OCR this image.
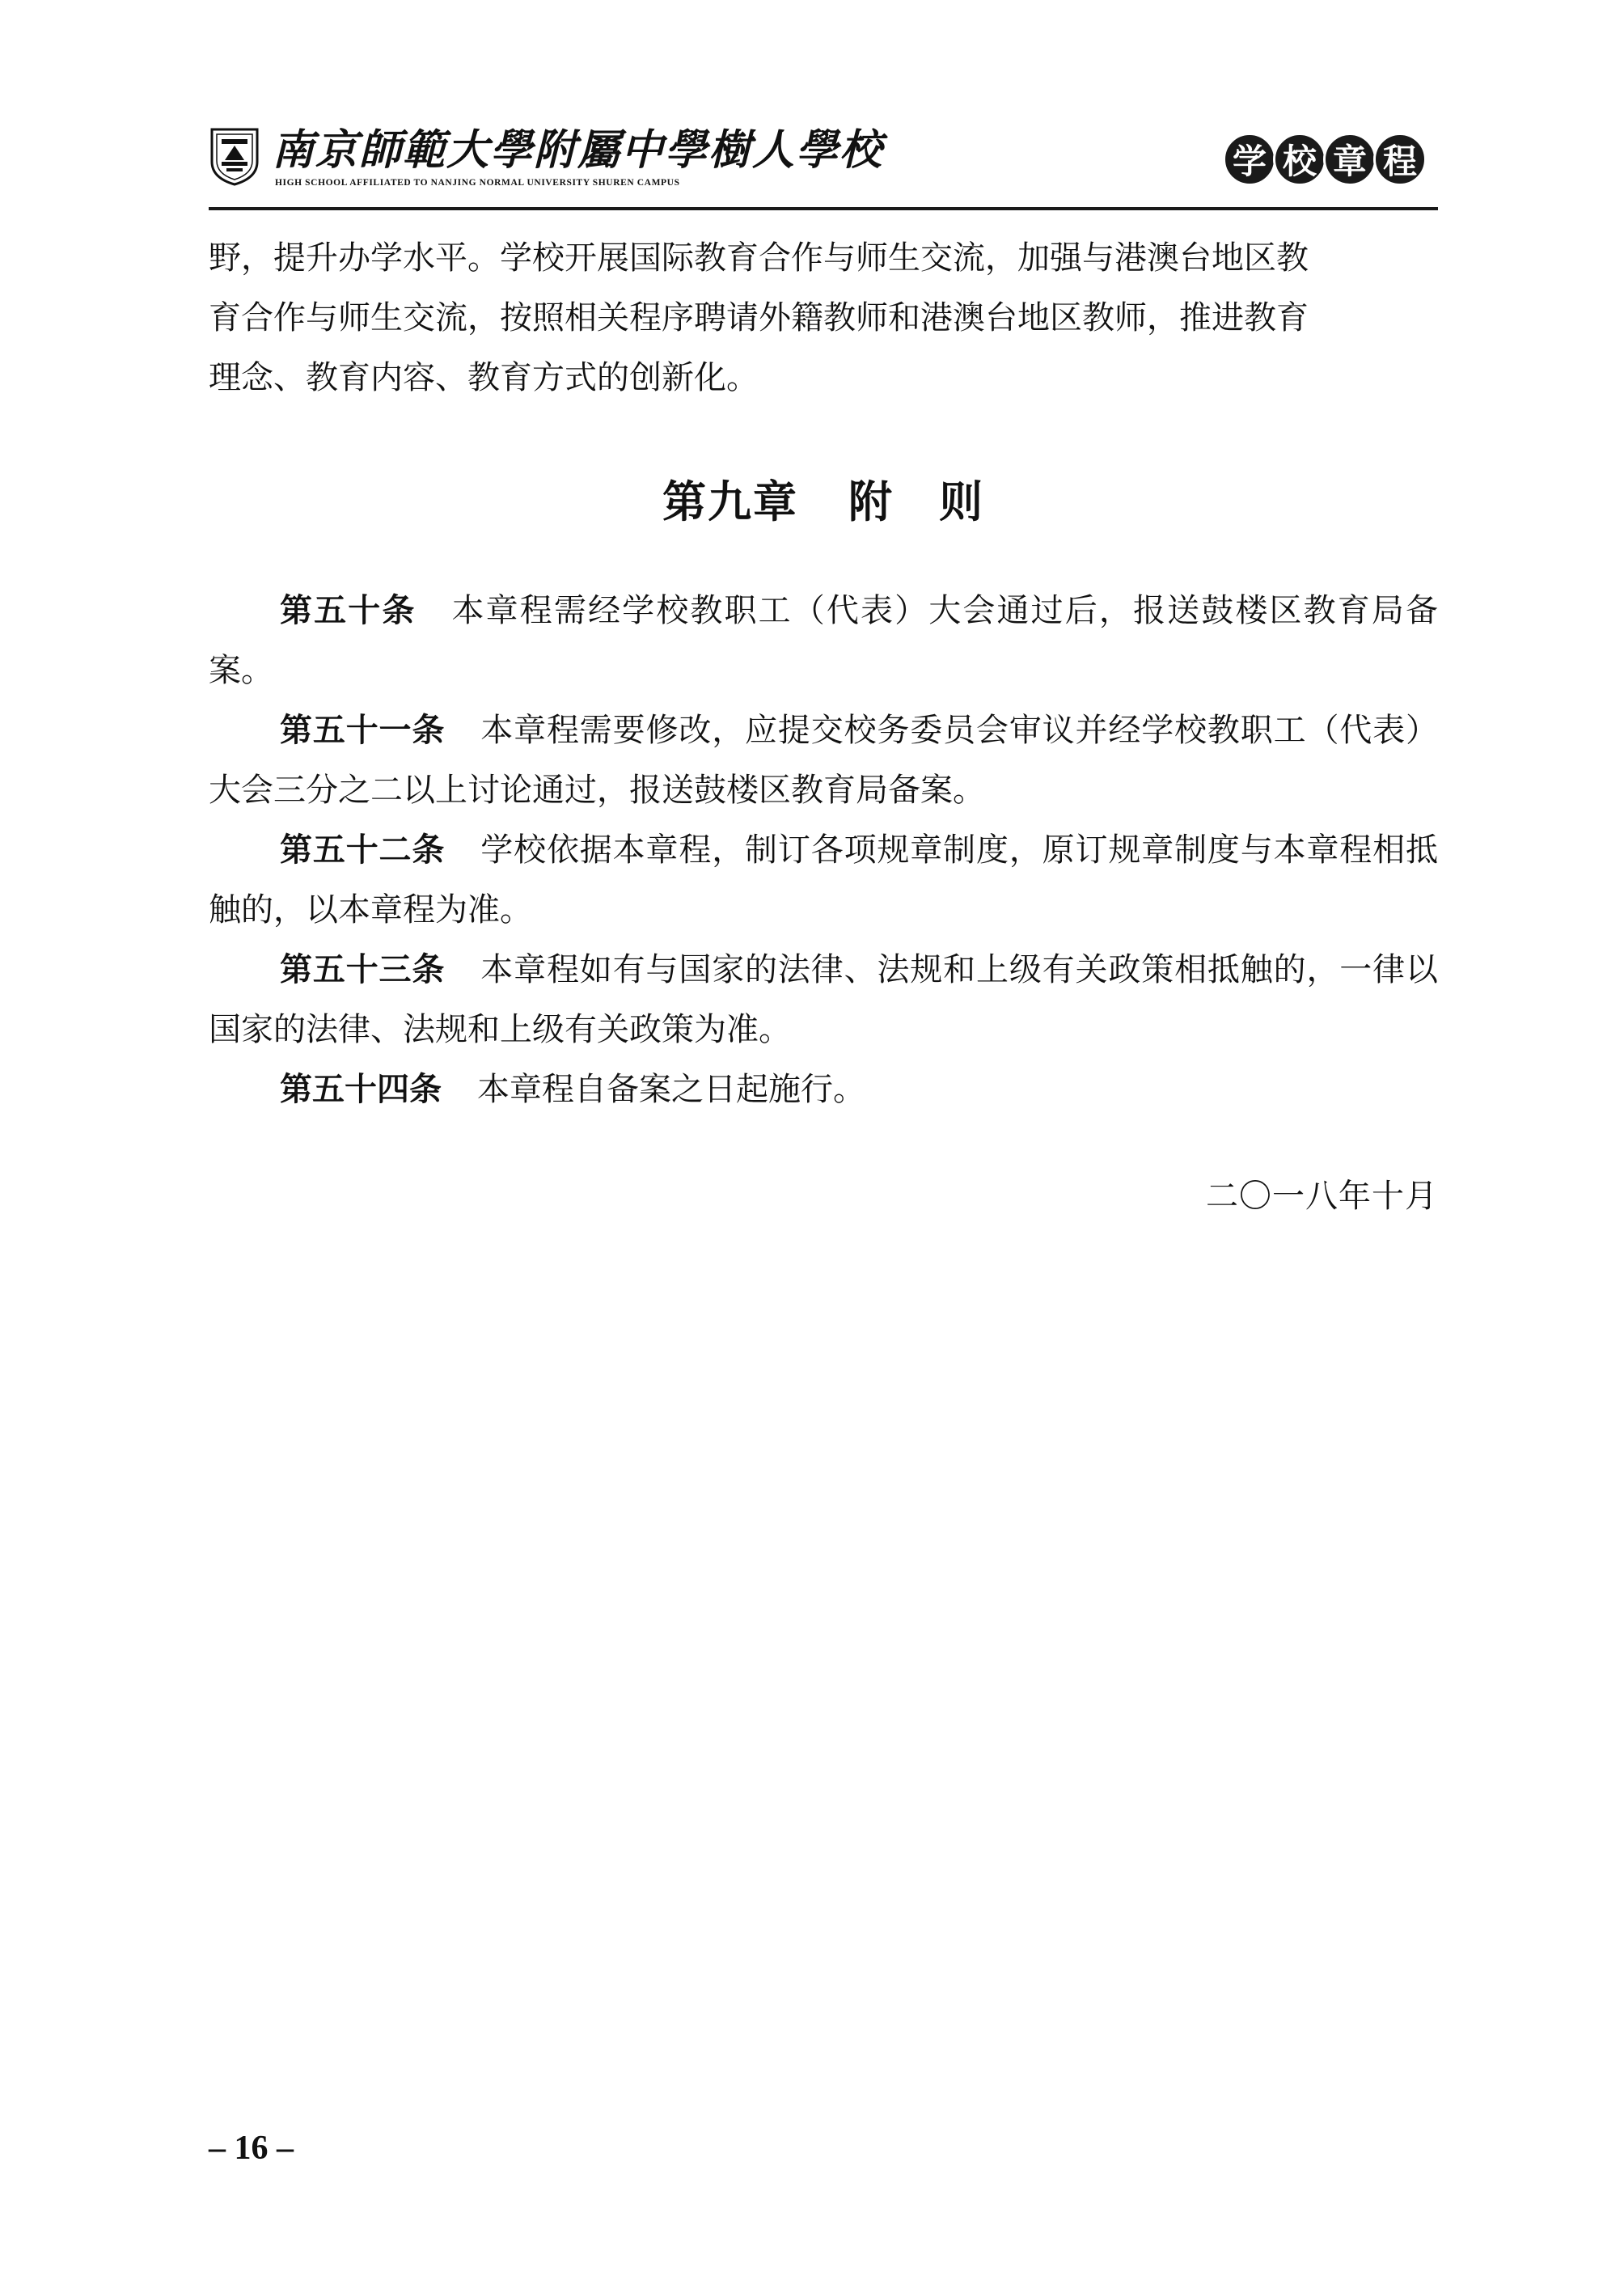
南京師範大學附屬中學樹人學校
HIGH SCHOOL AFFILIATED TO NANJING NORMAL UNIVERSITY SHUREN CAMPUS
学 校 章 程

野，提升办学水平。学校开展国际教育合作与师生交流，加强与港澳台地区教

育合作与师生交流，按照相关程序聘请外籍教师和港澳台地区教师，推进教育

理念、教育内容、教育方式的创新化。

第九章 附　则

第五十条 本章程需经学校教职工（代表）大会通过后，报送鼓楼区教育局备案。

第五十一条 本章程需要修改，应提交校务委员会审议并经学校教职工（代表）大会三分之二以上讨论通过，报送鼓楼区教育局备案。

第五十二条 学校依据本章程，制订各项规章制度，原订规章制度与本章程相抵触的，以本章程为准。

第五十三条 本章程如有与国家的法律、法规和上级有关政策相抵触的，一律以国家的法律、法规和上级有关政策为准。

第五十四条 本章程自备案之日起施行。

二〇一八年十月
– 16 –
